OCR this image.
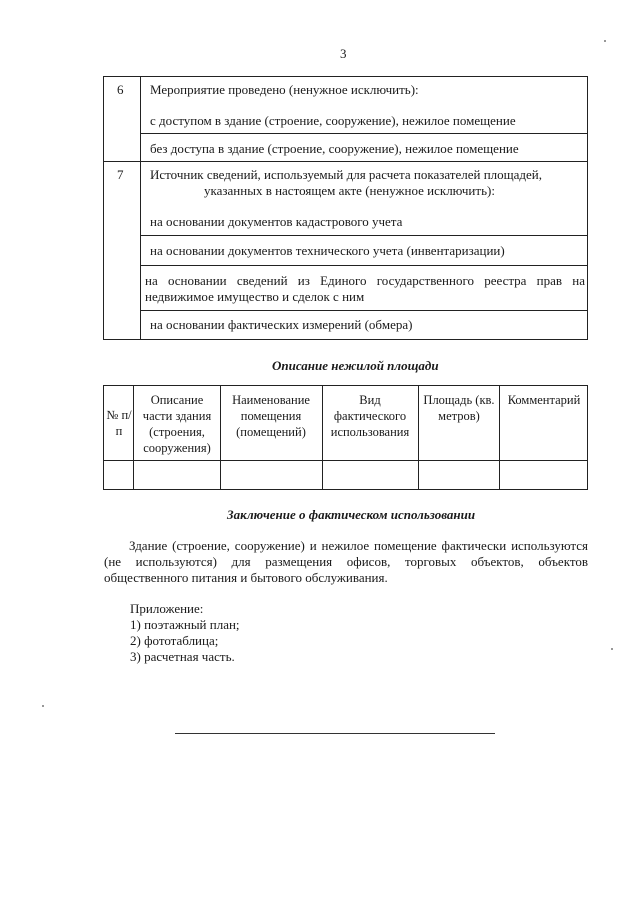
3
6 Мероприятие проведено (ненужное исключить):
с доступом в здание (строение, сооружение), нежилое помещение
без доступа в здание (строение, сооружение), нежилое помещение
7 Источник сведений, используемый для расчета показателей площадей,
указанных в настоящем акте (ненужное исключить):
на основании документов кадастрового учета
на основании документов технического учета (инвентаризации)
на основании сведений из Единого государственного реестра прав на недвижимое имущество и сделок с ним
на основании фактических измерений (обмера)
Описание нежилой площади
№ п/п
Описание части здания (строения, сооружения)
Наименование помещения (помещений)
Вид фактического использования
Площадь (кв. метров)
Комментарий
Заключение о фактическом использовании
Здание (строение, сооружение) и нежилое помещение фактически используются (не используются) для размещения офисов, торговых объектов, объектов общественного питания и бытового обслуживания.
Приложение:
1) поэтажный план;
2) фототаблица;
3) расчетная часть.
